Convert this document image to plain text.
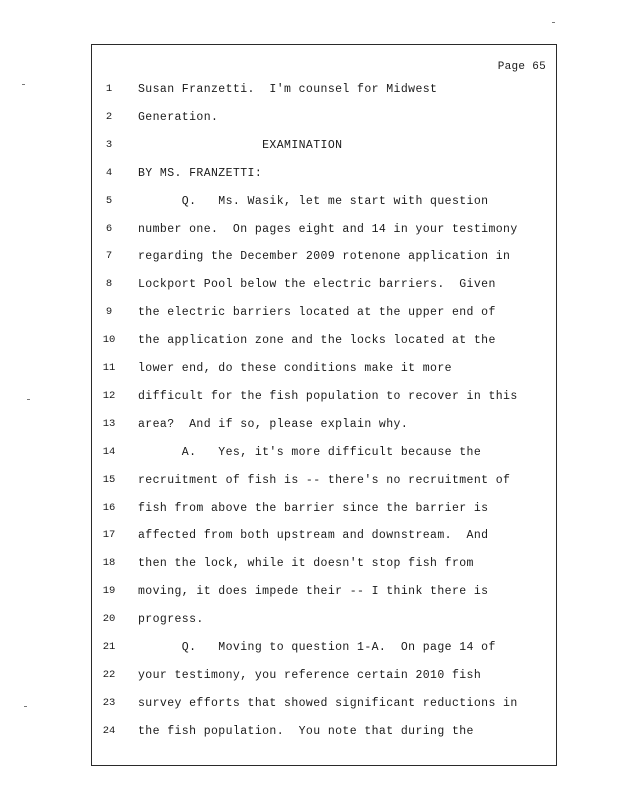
Page 65
1	Susan Franzetti.  I'm counsel for Midwest
2	Generation.
3	EXAMINATION
4	BY MS. FRANZETTI:
5	Q.   Ms. Wasik, let me start with question
6	number one.  On pages eight and 14 in your testimony
7	regarding the December 2009 rotenone application in
8	Lockport Pool below the electric barriers.  Given
9	the electric barriers located at the upper end of
10	the application zone and the locks located at the
11	lower end, do these conditions make it more
12	difficult for the fish population to recover in this
13	area?  And if so, please explain why.
14	A.   Yes, it's more difficult because the
15	recruitment of fish is -- there's no recruitment of
16	fish from above the barrier since the barrier is
17	affected from both upstream and downstream.  And
18	then the lock, while it doesn't stop fish from
19	moving, it does impede their -- I think there is
20	progress.
21	Q.   Moving to question 1-A.  On page 14 of
22	your testimony, you reference certain 2010 fish
23	survey efforts that showed significant reductions in
24	the fish population.  You note that during the
